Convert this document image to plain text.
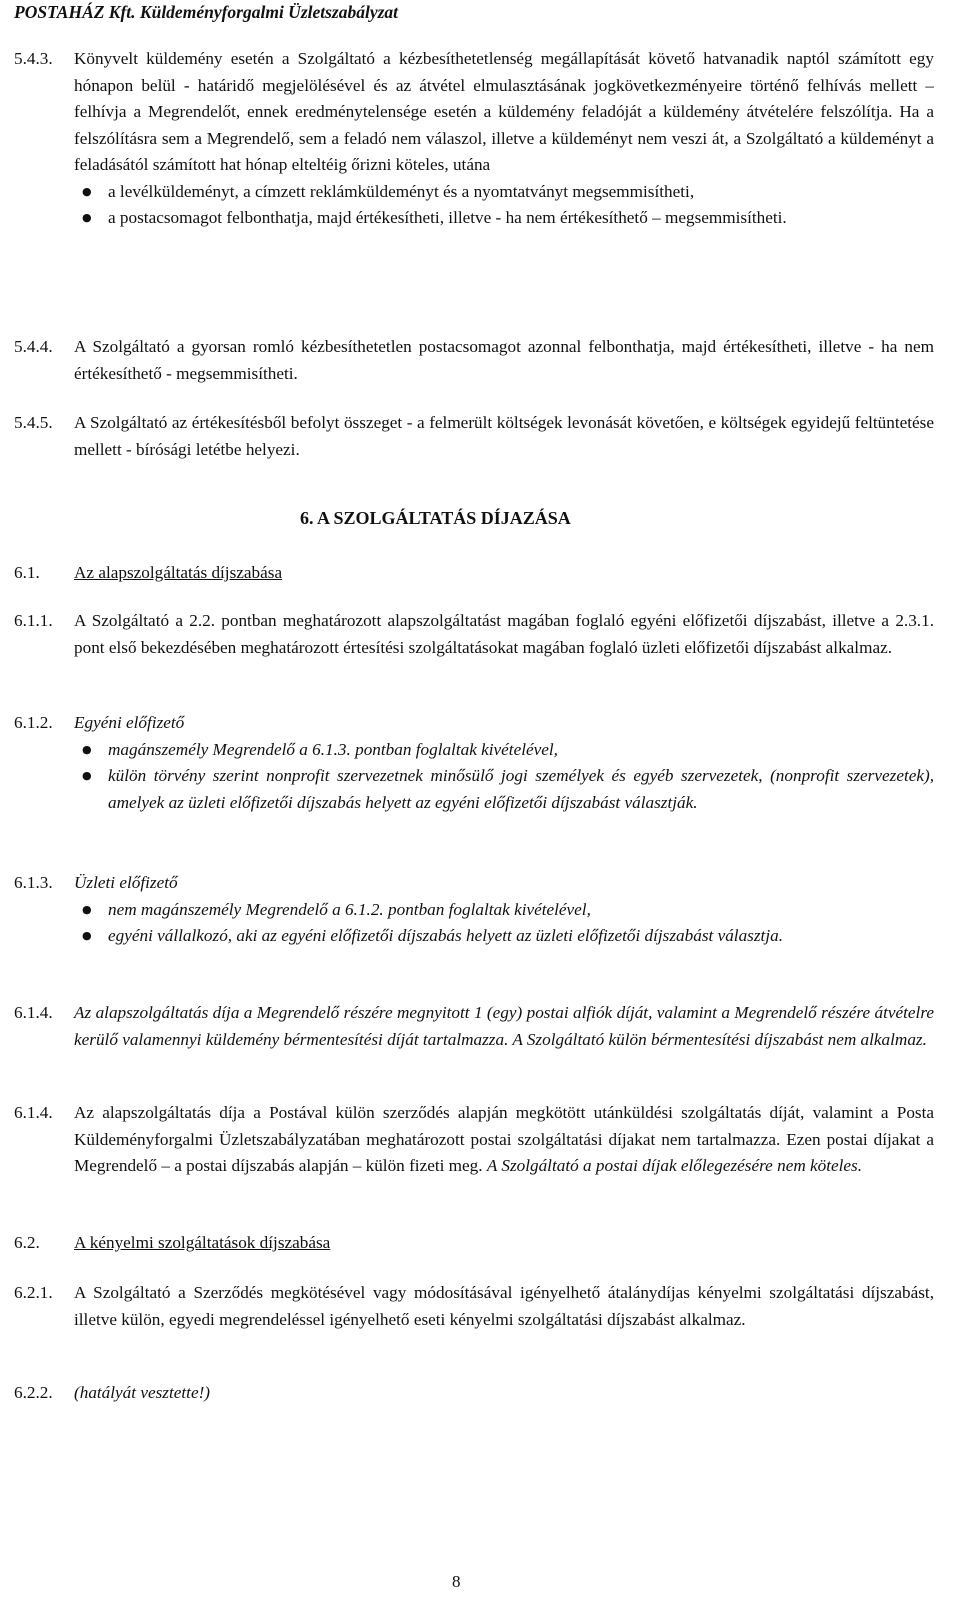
POSTAHÁZ Kft. Küldeményforgalmi Üzletszabályzat
5.4.3.	Könyvelt küldemény esetén a Szolgáltató a kézbesíthetetlenség megállapítását követő hatvanadik naptól számított egy hónapon belül - határidő megjelölésével és az átvétel elmulasztásának jogkövetkezményeire történő felhívás mellett – felhívja a Megrendelőt, ennek eredménytelensége esetén a küldemény feladóját a küldemény átvételére felszólítja. Ha a felszólításra sem a Megrendelő, sem a feladó nem válaszol, illetve a küldeményt nem veszi át, a Szolgáltató a küldeményt a feladásától számított hat hónap elteltéig őrizni köteles, utána
● a levélküldeményt, a címzett reklámküldeményt és a nyomtatványt megsemmisítheti,
● a postacsomagot felbonthatja, majd értékesítheti, illetve - ha nem értékesíthető – megsemmisítheti.
5.4.4.	A Szolgáltató a gyorsan romló kézbesíthetetlen postacsomagot azonnal felbonthatja, majd értékesítheti, illetve - ha nem értékesíthető - megsemmisítheti.
5.4.5.	A Szolgáltató az értékesítésből befolyt összeget - a felmerült költségek levonását követően, e költségek egyidejű feltüntetése mellett - bírósági letétbe helyezi.
6. A SZOLGÁLTATÁS DÍJAZÁSA
6.1.	Az alapszolgáltatás díjszabása
6.1.1.	A Szolgáltató a 2.2. pontban meghatározott alapszolgáltatást magában foglaló egyéni előfizetői díjszabást, illetve a 2.3.1. pont első bekezdésében meghatározott értesítési szolgáltatásokat magában foglaló üzleti előfizetői díjszabást alkalmaz.
6.1.2.	Egyéni előfizető
● magánszemély Megrendelő a 6.1.3. pontban foglaltak kivételével,
● külön törvény szerint nonprofit szervezetnek minősülő jogi személyek és egyéb szervezetek, (nonprofit szervezetek), amelyek az üzleti előfizetői díjszabás helyett az egyéni előfizetői díjszabást választják.
6.1.3.	Üzleti előfizető
● nem magánszemély Megrendelő a 6.1.2. pontban foglaltak kivételével,
● egyéni vállalkozó, aki az egyéni előfizetői díjszabás helyett az üzleti előfizetői díjszabást választja.
6.1.4.	Az alapszolgáltatás díja a Megrendelő részére megnyitott 1 (egy) postai alfiók díját, valamint a Megrendelő részére átvételre kerülő valamennyi küldemény bérmentesítési díját tartalmazza. A Szolgáltató külön bérmentesítési díjszabást nem alkalmaz.
6.1.4.	Az alapszolgáltatás díja a Postával külön szerződés alapján megkötött utánküldési szolgáltatás díját, valamint a Posta Küldeményforgalmi Üzletszabályzatában meghatározott postai szolgáltatási díjakat nem tartalmazza. Ezen postai díjakat a Megrendelő – a postai díjszabás alapján – külön fizeti meg. A Szolgáltató a postai díjak előlegezésére nem köteles.
6.2.	A kényelmi szolgáltatások díjszabása
6.2.1.	A Szolgáltató a Szerződés megkötésével vagy módosításával igényelhető átalánydíjas kényelmi szolgáltatási díjszabást, illetve külön, egyedi megrendeléssel igényelhető eseti kényelmi szolgáltatási díjszabást alkalmaz.
6.2.2.	(hatályát vesztette!)
8
